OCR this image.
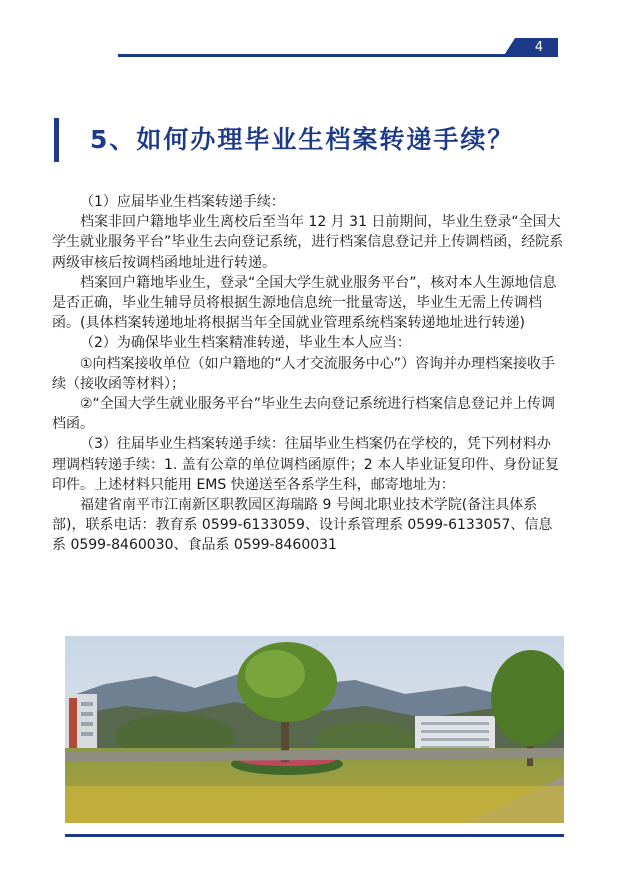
4
5、如何办理毕业生档案转递手续？

（1）应届毕业生档案转递手续：

档案非回户籍地毕业生离校后至当年 12 月 31 日前期间，毕业生登录“全国大学生就业服务平台”毕业生去向登记系统，进行档案信息登记并上传调档函，经院系两级审核后按调档函地址进行转递。

档案回户籍地毕业生，登录“全国大学生就业服务平台”，核对本人生源地信息是否正确，毕业生辅导员将根据生源地信息统一批量寄送，毕业生无需上传调档函。(具体档案转递地址将根据当年全国就业管理系统档案转递地址进行转递)

（2）为确保毕业生档案精准转递，毕业生本人应当：

①向档案接收单位（如户籍地的“人才交流服务中心”）咨询并办理档案接收手续（接收函等材料）；

②“全国大学生就业服务平台”毕业生去向登记系统进行档案信息登记并上传调档函。

（3）往届毕业生档案转递手续：往届毕业生档案仍在学校的，凭下列材料办理调档转递手续：1. 盖有公章的单位调档函原件；2 本人毕业证复印件、身份证复印件。上述材料只能用 EMS 快递送至各系学生科，邮寄地址为：

福建省南平市江南新区职教园区海瑞路 9 号闽北职业技术学院(备注具体系部)，联系电话：教育系 0599-6133059、设计系管理系 0599-6133057、信息系 0599-8460030、食品系 0599-8460031
